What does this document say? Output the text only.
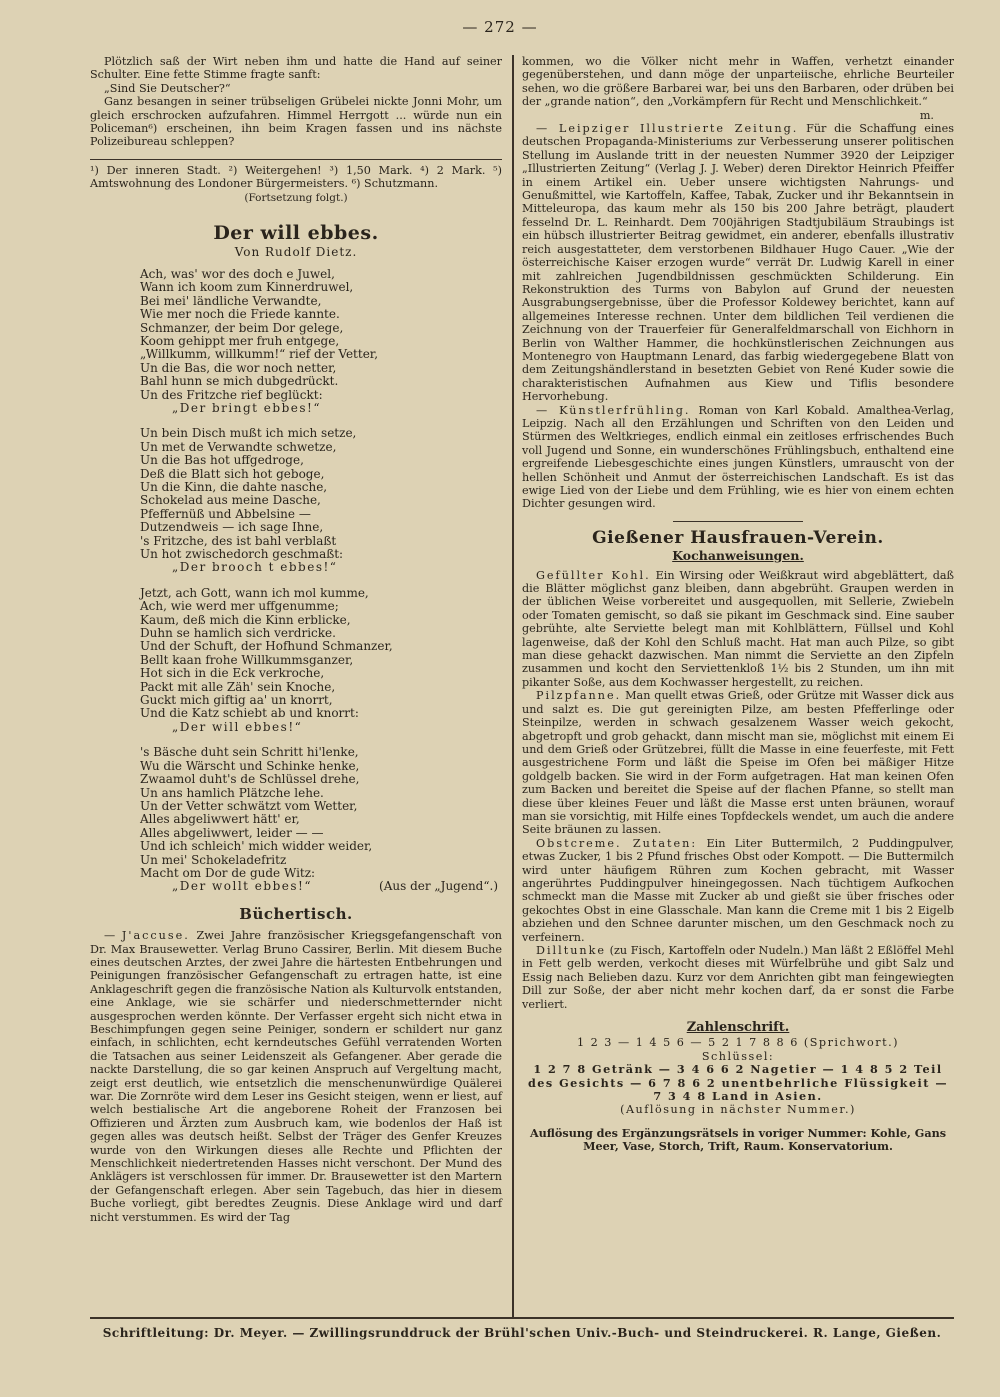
— 272 —

Plötzlich saß der Wirt neben ihm und hatte die Hand auf seiner Schulter. Eine fette Stimme fragte sanft:

„Sind Sie Deutscher?“

Ganz besangen in seiner trübseligen Grübelei nickte Jonni Mohr, um gleich erschrocken aufzufahren. Himmel Herrgott ... würde nun ein Policeman⁶) erscheinen, ihn beim Kragen fassen und ins nächste Polizeibureau schleppen?

¹) Der inneren Stadt. ²) Weitergehen! ³) 1,50 Mark. ⁴) 2 Mark. ⁵) Amtswohnung des Londoner Bürgermeisters. ⁶) Schutzmann.

(Fortsetzung folgt.)
Der will ebbes.
Von Rudolf Dietz.
Ach, was' wor des doch e Juwel,
Wann ich koom zum Kinnerdruwel,
Bei mei' ländliche Verwandte,
Wie mer noch die Friede kannte.
Schmanzer, der beim Dor gelege,
Koom gehippt mer fruh entgege,
„Willkumm, willkumm!“ rief der Vetter,
Un die Bas, die wor noch netter,
Bahl hunn se mich dubgedrückt.
Un des Fritzche rief beglückt:
„Der bringt ebbes!“
Un bein Disch mußt ich mich setze,
Un met de Verwandte schwetze,
Un die Bas hot uffgedroge,
Deß die Blatt sich hot geboge,
Un die Kinn, die dahte nasche,
Schokelad aus meine Dasche,
Pfeffernüß und Abbelsine —
Dutzendweis — ich sage Ihne,
's Fritzche, des ist bahl verblaßt
Un hot zwischedorch geschmaßt:
„Der brooch t ebbes!“
Jetzt, ach Gott, wann ich mol kumme,
Ach, wie werd mer uffgenumme;
Kaum, deß mich die Kinn erblicke,
Duhn se hamlich sich verdricke.
Und der Schuft, der Hofhund Schmanzer,
Bellt kaan frohe Willkummsganzer,
Hot sich in die Eck verkroche,
Packt mit alle Zäh' sein Knoche,
Guckt mich giftig aa' un knorrt,
Und die Katz schiebt ab und knorrt:
„Der will ebbes!“
's Bäsche duht sein Schritt hi'lenke,
Wu die Wärscht und Schinke henke,
Zwaamol duht's de Schlüssel drehe,
Un ans hamlich Plätzche lehe.
Un der Vetter schwätzt vom Wetter,
Alles abgeliwwert hätt' er,
Alles abgeliwwert, leider — —
Und ich schleich' mich widder weider,
Un mei' Schokeladefritz
Macht om Dor de gude Witz:
„Der wollt ebbes!“	(Aus der „Jugend“.)
Büchertisch.

— J'accuse. Zwei Jahre französischer Kriegsgefangenschaft von Dr. Max Brausewetter. Verlag Bruno Cassirer, Berlin. Mit diesem Buche eines deutschen Arztes, der zwei Jahre die härtesten Entbehrungen und Peinigungen französischer Gefangenschaft zu ertragen hatte, ist eine Anklageschrift gegen die französische Nation als Kulturvolk entstanden, eine Anklage, wie sie schärfer und niederschmetternder nicht ausgesprochen werden könnte. Der Verfasser ergeht sich nicht etwa in Beschimpfungen gegen seine Peiniger, sondern er schildert nur ganz einfach, in schlichten, echt kerndeutsches Gefühl verratenden Worten die Tatsachen aus seiner Leidenszeit als Gefangener. Aber gerade die nackte Darstellung, die so gar keinen Anspruch auf Vergeltung macht, zeigt erst deutlich, wie entsetzlich die menschenunwürdige Quälerei war. Die Zornröte wird dem Leser ins Gesicht steigen, wenn er liest, auf welch bestialische Art die angeborene Roheit der Franzosen bei Offizieren und Ärzten zum Ausbruch kam, wie bodenlos der Haß ist gegen alles was deutsch heißt. Selbst der Träger des Genfer Kreuzes wurde von den Wirkungen dieses alle Rechte und Pflichten der Menschlichkeit niedertretenden Hasses nicht verschont. Der Mund des Anklägers ist verschlossen für immer. Dr. Brausewetter ist den Martern der Gefangenschaft erlegen. Aber sein Tagebuch, das hier in diesem Buche vorliegt, gibt beredtes Zeugnis. Diese Anklage wird und darf nicht verstummen. Es wird der Tag

kommen, wo die Völker nicht mehr in Waffen, verhetzt einander gegenüberstehen, und dann möge der unparteiische, ehrliche Beurteiler sehen, wo die größere Barbarei war, bei uns den Barbaren, oder drüben bei der „grande nation“, den „Vorkämpfern für Recht und Menschlichkeit.“

m.

— Leipziger Illustrierte Zeitung. Für die Schaffung eines deutschen Propaganda-Ministeriums zur Verbesserung unserer politischen Stellung im Auslande tritt in der neuesten Nummer 3920 der Leipziger „Illustrierten Zeitung“ (Verlag J. J. Weber) deren Direktor Heinrich Pfeiffer in einem Artikel ein. Ueber unsere wichtigsten Nahrungs- und Genußmittel, wie Kartoffeln, Kaffee, Tabak, Zucker und ihr Bekanntsein in Mitteleuropa, das kaum mehr als 150 bis 200 Jahre beträgt, plaudert fesselnd Dr. L. Reinhardt. Dem 700jährigen Stadtjubiläum Straubings ist ein hübsch illustrierter Beitrag gewidmet, ein anderer, ebenfalls illustrativ reich ausgestatteter, dem verstorbenen Bildhauer Hugo Cauer. „Wie der österreichische Kaiser erzogen wurde“ verrät Dr. Ludwig Karell in einer mit zahlreichen Jugendbildnissen geschmückten Schilderung. Ein Rekonstruktion des Turms von Babylon auf Grund der neuesten Ausgrabungsergebnisse, über die Professor Koldewey berichtet, kann auf allgemeines Interesse rechnen. Unter dem bildlichen Teil verdienen die Zeichnung von der Trauerfeier für Generalfeldmarschall von Eichhorn in Berlin von Walther Hammer, die hochkünstlerischen Zeichnungen aus Montenegro von Hauptmann Lenard, das farbig wiedergegebene Blatt von dem Zeitungshändlerstand in besetzten Gebiet von René Kuder sowie die charakteristischen Aufnahmen aus Kiew und Tiflis besondere Hervorhebung.

— Künstlerfrühling. Roman von Karl Kobald. Amalthea-Verlag, Leipzig. Nach all den Erzählungen und Schriften von den Leiden und Stürmen des Weltkrieges, endlich einmal ein zeitloses erfrischendes Buch voll Jugend und Sonne, ein wunderschönes Frühlingsbuch, enthaltend eine ergreifende Liebesgeschichte eines jungen Künstlers, umrauscht von der hellen Schönheit und Anmut der österreichischen Landschaft. Es ist das ewige Lied von der Liebe und dem Frühling, wie es hier von einem echten Dichter gesungen wird.

Gießener Hausfrauen-Verein.
Kochanweisungen.

Gefüllter Kohl. Ein Wirsing oder Weißkraut wird abgeblättert, daß die Blätter möglichst ganz bleiben, dann abgebrüht. Graupen werden in der üblichen Weise vorbereitet und ausgequollen, mit Sellerie, Zwiebeln oder Tomaten gemischt, so daß sie pikant im Geschmack sind. Eine sauber gebrühte, alte Serviette belegt man mit Kohlblättern, Füllsel und Kohl lagenweise, daß der Kohl den Schluß macht. Hat man auch Pilze, so gibt man diese gehackt dazwischen. Man nimmt die Serviette an den Zipfeln zusammen und kocht den Serviettenkloß 1½ bis 2 Stunden, um ihn mit pikanter Soße, aus dem Kochwasser hergestellt, zu reichen.

Pilzpfanne. Man quellt etwas Grieß, oder Grütze mit Wasser dick aus und salzt es. Die gut gereinigten Pilze, am besten Pfefferlinge oder Steinpilze, werden in schwach gesalzenem Wasser weich gekocht, abgetropft und grob gehackt, dann mischt man sie, möglichst mit einem Ei und dem Grieß oder Grützebrei, füllt die Masse in eine feuerfeste, mit Fett ausgestrichene Form und läßt die Speise im Ofen bei mäßiger Hitze goldgelb backen. Sie wird in der Form aufgetragen. Hat man keinen Ofen zum Backen und bereitet die Speise auf der flachen Pfanne, so stellt man diese über kleines Feuer und läßt die Masse erst unten bräunen, worauf man sie vorsichtig, mit Hilfe eines Topfdeckels wendet, um auch die andere Seite bräunen zu lassen.

Obstcreme. Zutaten: Ein Liter Buttermilch, 2 Puddingpulver, etwas Zucker, 1 bis 2 Pfund frisches Obst oder Kompott. — Die Buttermilch wird unter häufigem Rühren zum Kochen gebracht, mit Wasser angerührtes Puddingpulver hineingegossen. Nach tüchtigem Aufkochen schmeckt man die Masse mit Zucker ab und gießt sie über frisches oder gekochtes Obst in eine Glasschale. Man kann die Creme mit 1 bis 2 Eigelb abziehen und den Schnee darunter mischen, um den Geschmack noch zu verfeinern.

Dilltunke (zu Fisch, Kartoffeln oder Nudeln.) Man läßt 2 Eßlöffel Mehl in Fett gelb werden, verkocht dieses mit Würfelbrühe und gibt Salz und Essig nach Belieben dazu. Kurz vor dem Anrichten gibt man feingewiegten Dill zur Soße, der aber nicht mehr kochen darf, da er sonst die Farbe verliert.

Zahlenschrift.
1 2 3 — 1 4 5 6 — 5 2 1 7 8 8 6 (Sprichwort.)
Schlüssel:
1 2 7 8 Getränk — 3 4 6 6 2 Nagetier — 1 4 8 5 2 Teil des Gesichts — 6 7 8 6 2 unentbehrliche Flüssigkeit — 7 3 4 8 Land in Asien.
(Auflösung in nächster Nummer.)
Auflösung des Ergänzungsrätsels in voriger Nummer: Kohle, Gans Meer, Vase, Storch, Trift, Raum. Konservatorium.
Schriftleitung: Dr. Meyer. — Zwillingsrunddruck der Brühl'schen Univ.-Buch- und Steindruckerei. R. Lange, Gießen.
